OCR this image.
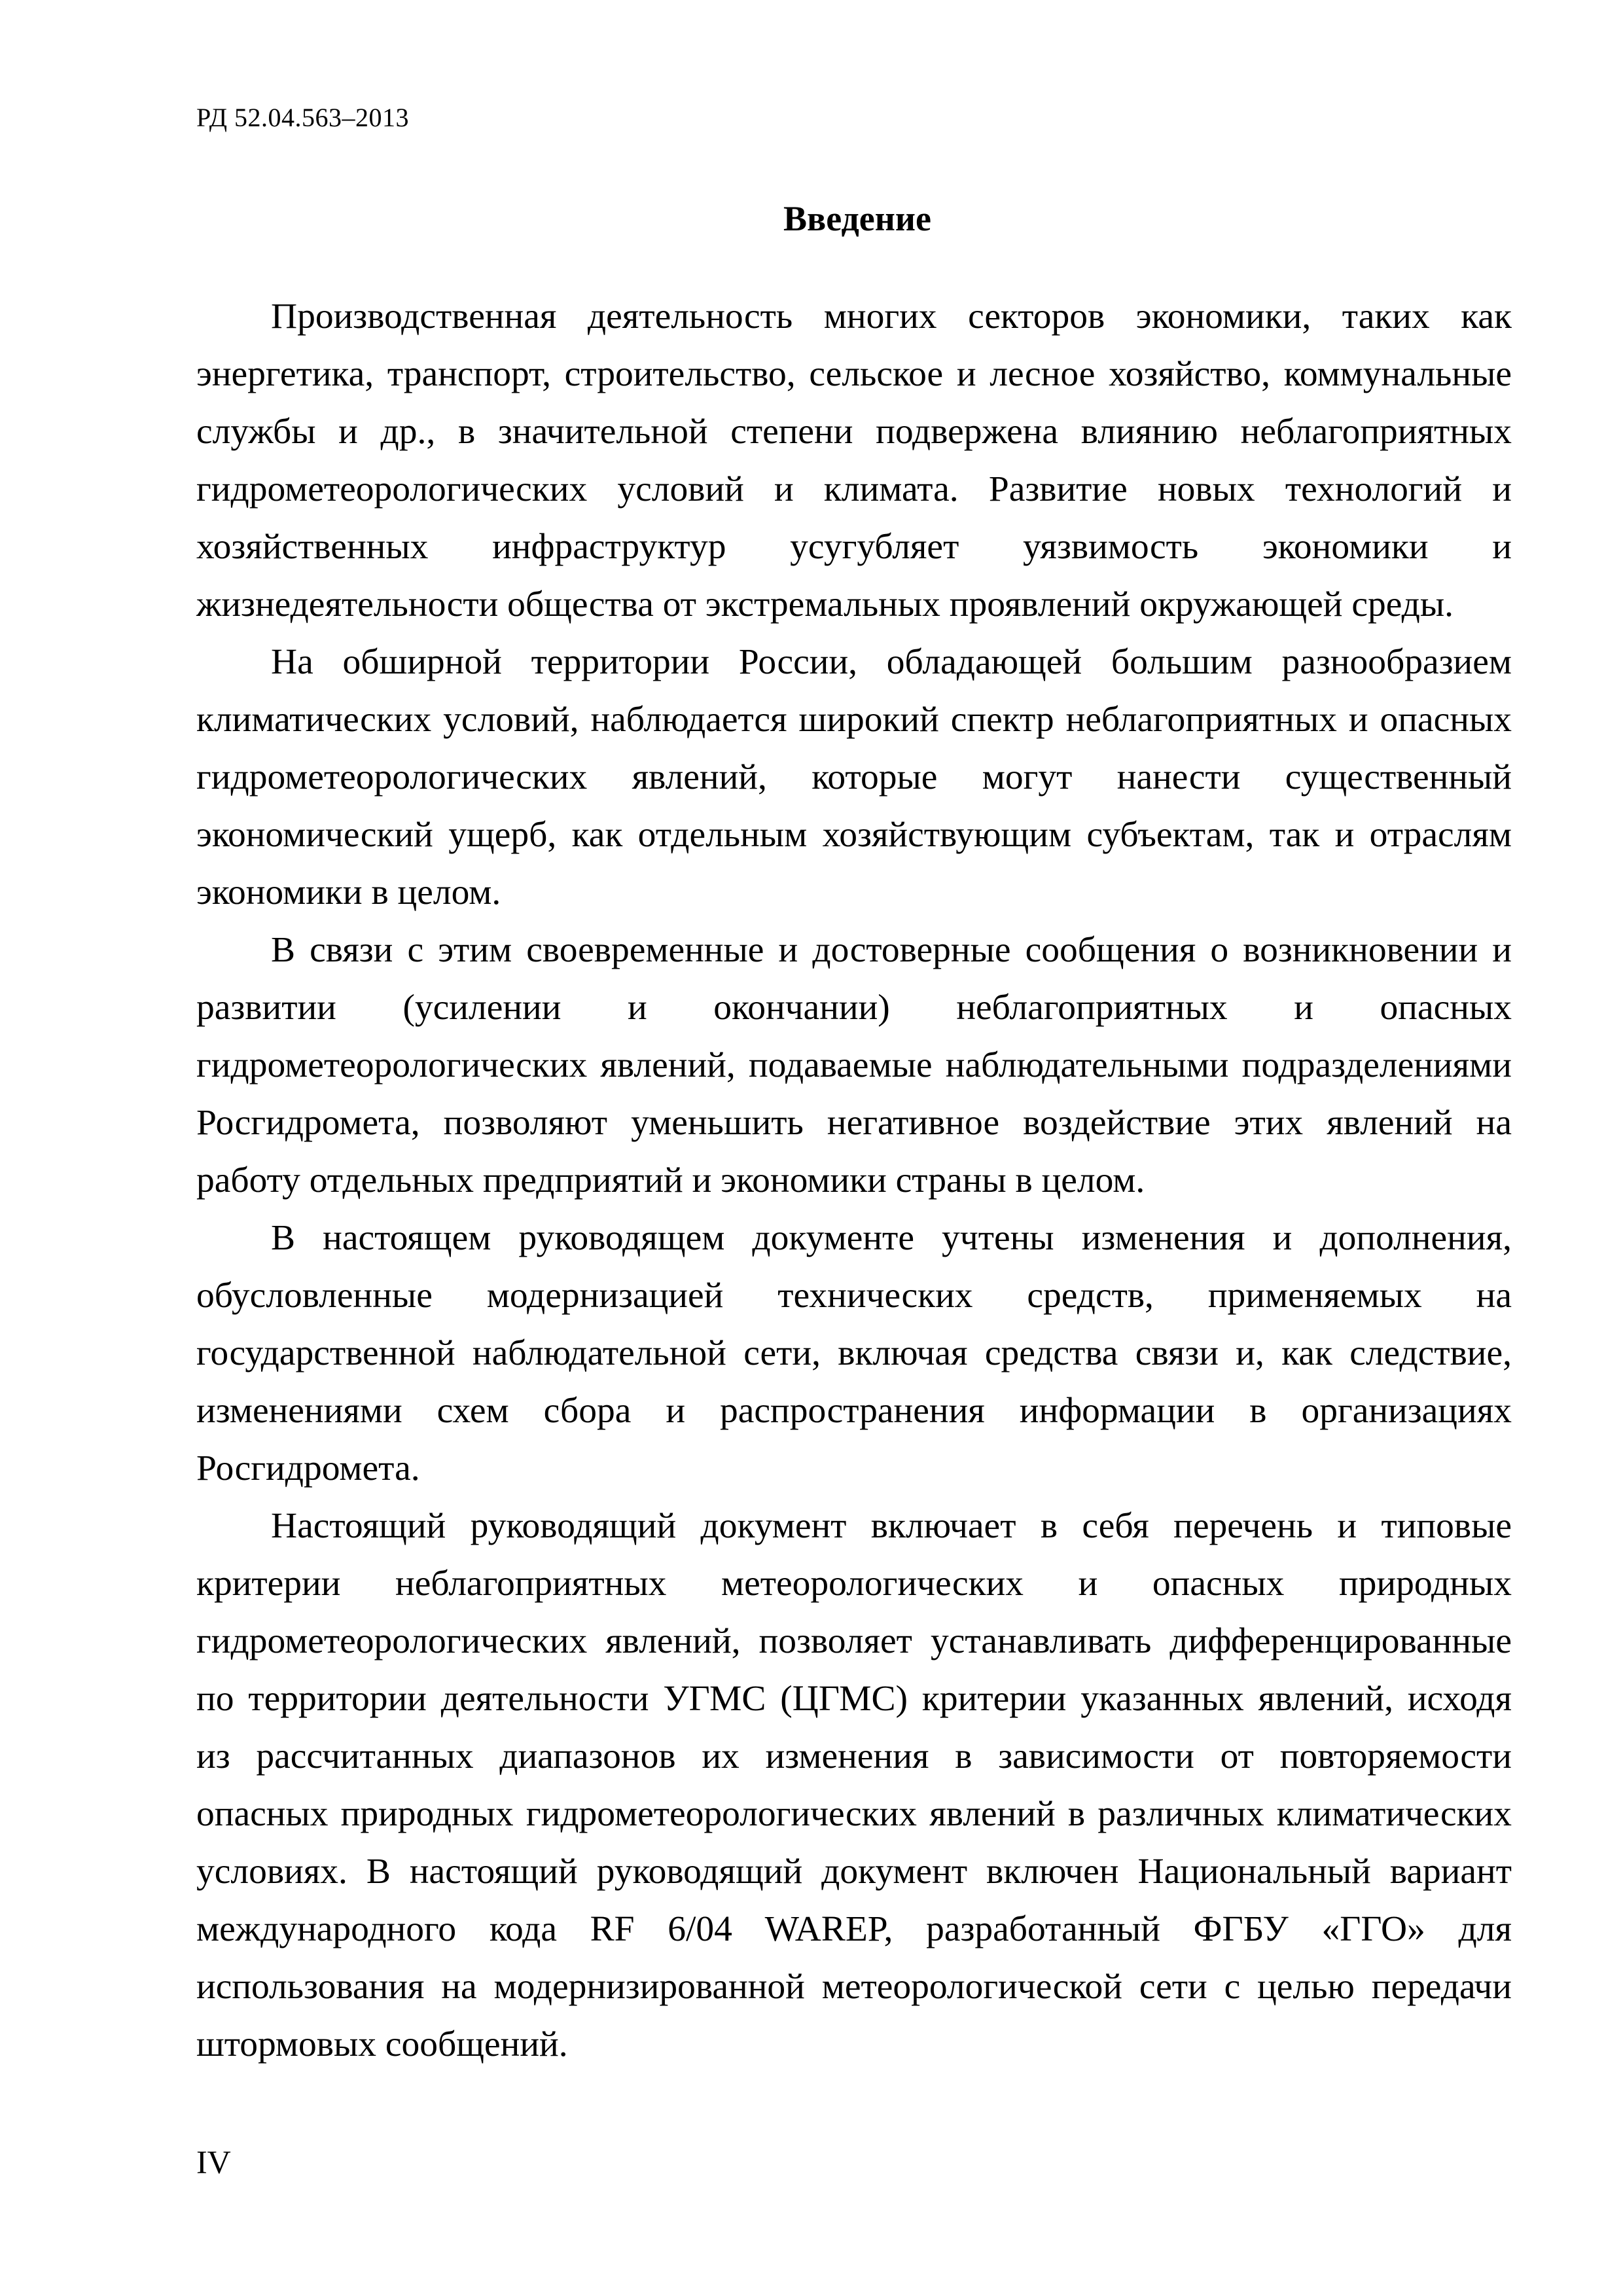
РД 52.04.563–2013
Введение

Производственная деятельность многих секторов экономики, таких как энергетика, транспорт, строительство, сельское и лесное хозяйство, коммунальные службы и др., в значительной степени подвержена влиянию неблагоприятных гидрометеорологических условий и климата. Развитие новых технологий и хозяйственных инфраструктур усугубляет уязвимость экономики и жизнедеятельности общества от экстремальных проявлений окружающей среды.

На обширной территории России, обладающей большим разнообразием климатических условий, наблюдается широкий спектр неблагоприятных и опасных гидрометеорологических явлений, которые могут нанести существенный экономический ущерб, как отдельным хозяйствующим субъектам, так и отраслям экономики в целом.

В связи с этим своевременные и достоверные сообщения о возникновении и развитии (усилении и окончании) неблагоприятных и опасных гидрометеорологических явлений, подаваемые наблюдательными подразделениями Росгидромета, позволяют уменьшить негативное воздействие этих явлений на работу отдельных предприятий и экономики страны в целом.

В настоящем руководящем документе учтены изменения и дополнения, обусловленные модернизацией технических средств, применяемых на государственной наблюдательной сети, включая средства связи и, как следствие, изменениями схем сбора и распространения информации в организациях Росгидромета.

Настоящий руководящий документ включает в себя перечень и типовые критерии неблагоприятных метеорологических и опасных природных гидрометеорологических явлений, позволяет устанавливать дифференцированные по территории деятельности УГМС (ЦГМС) критерии указанных явлений, исходя из рассчитанных диапазонов их изменения в зависимости от повторяемости опасных природных гидрометеорологических явлений в различных климатических условиях. В настоящий руководящий документ включен Национальный вариант международного кода RF 6/04 WAREP, разработанный ФГБУ «ГГО» для использования на модернизированной метеорологической сети с целью передачи штормовых сообщений.

IV
